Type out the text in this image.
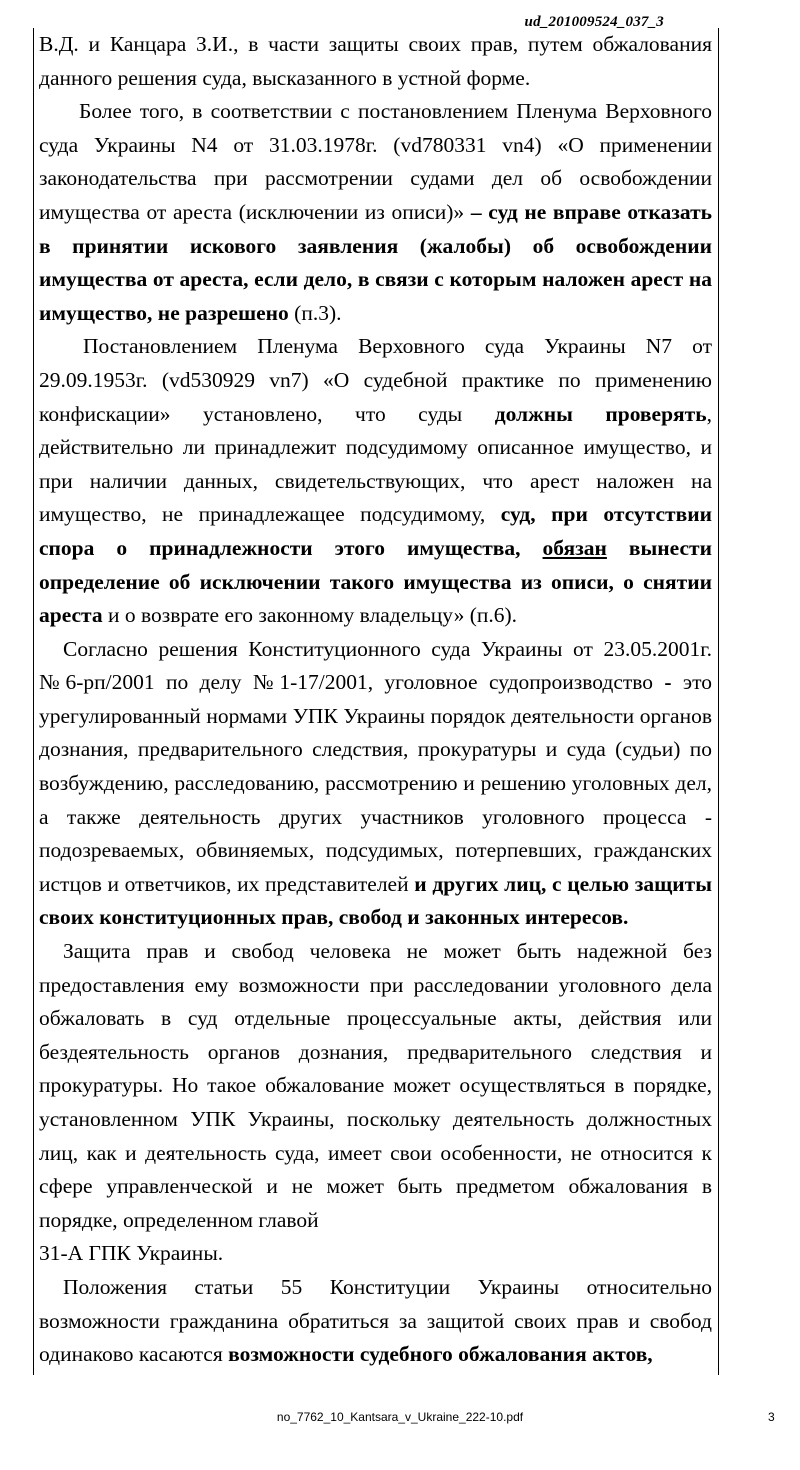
ud_201009524_037_3

В.Д. и Канцара З.И., в части защиты своих прав, путем обжалования данного решения суда, высказанного в устной форме.

Более того, в соответствии с постановлением Пленума Верховного суда Украины N4 от 31.03.1978г. (vd780331 vn4) «О применении законодательства при рассмотрении судами дел об освобождении имущества от ареста (исключении из описи)» – суд не вправе отказать в принятии искового заявления (жалобы) об освобождении имущества от ареста, если дело, в связи с которым наложен арест на имущество, не разрешено (п.3).

Постановлением Пленума Верховного суда Украины N7 от 29.09.1953г. (vd530929 vn7) «О судебной практике по применению конфискации» установлено, что суды должны проверять, действительно ли принадлежит подсудимому описанное имущество, и при наличии данных, свидетельствующих, что арест наложен на имущество, не принадлежащее подсудимому, суд, при отсутствии спора о принадлежности этого имущества, обязан вынести определение об исключении такого имущества из описи, о снятии ареста и о возврате его законному владельцу» (п.6).

Согласно решения Конституционного суда Украины от 23.05.2001г. №6-рп/2001 по делу №1-17/2001, уголовное судопроизводство - это урегулированный нормами УПК Украины порядок деятельности органов дознания, предварительного следствия, прокуратуры и суда (судьи) по возбуждению, расследованию, рассмотрению и решению уголовных дел, а также деятельность других участников уголовного процесса - подозреваемых, обвиняемых, подсудимых, потерпевших, гражданских истцов и ответчиков, их представителей и других лиц, с целью защиты своих конституционных прав, свобод и законных интересов.

Защита прав и свобод человека не может быть надежной без предоставления ему возможности при расследовании уголовного дела обжаловать в суд отдельные процессуальные акты, действия или бездеятельность органов дознания, предварительного следствия и прокуратуры. Но такое обжалование может осуществляться в порядке, установленном УПК Украины, поскольку деятельность должностных лиц, как и деятельность суда, имеет свои особенности, не относится к сфере управленческой и не может быть предметом обжалования в порядке, определенном главой

31-А ГПК Украины.

Положения статьи 55 Конституции Украины относительно возможности гражданина обратиться за защитой своих прав и свобод одинаково касаются возможности судебного обжалования актов,

no_7762_10_Kantsara_v_Ukraine_222-10.pdf	3
